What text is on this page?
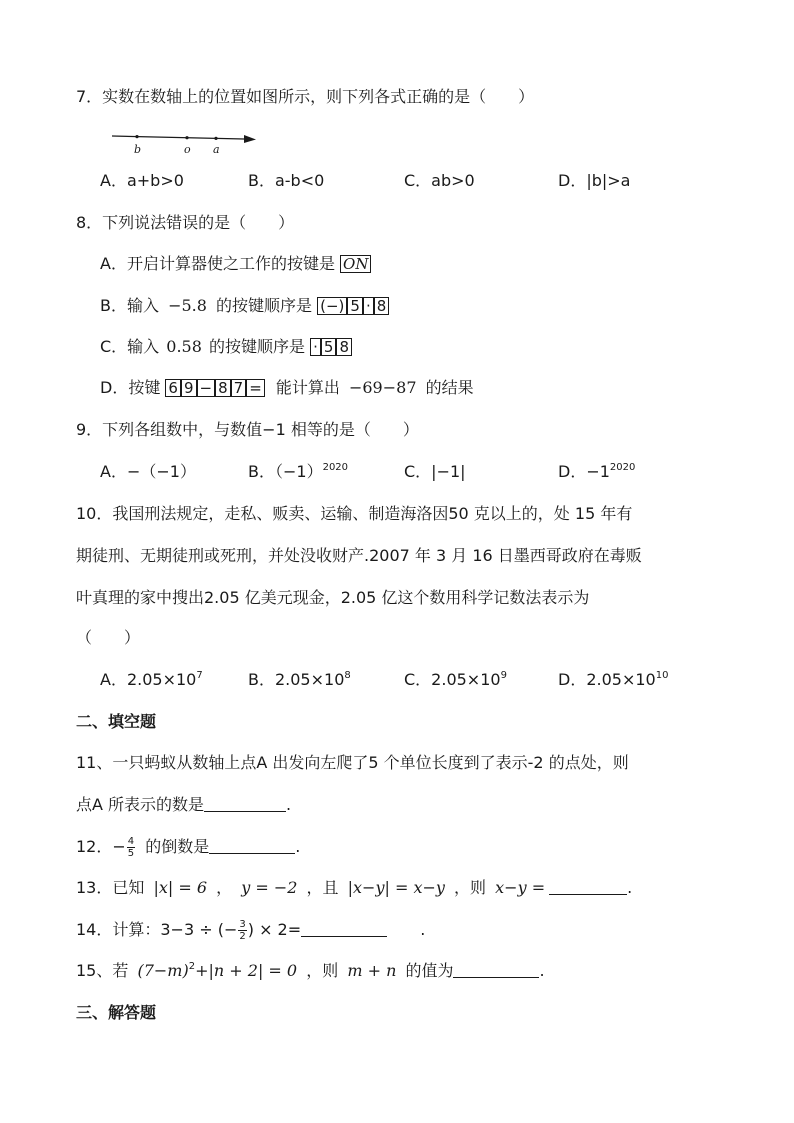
7．实数在数轴上的位置如图所示，则下列各式正确的是（　　）
b	o a
A．a+b>0	B．a-b<0	C．ab>0	D．|b|>a
8．下列说法错误的是（　　）
A．开启计算器使之工作的按键是 ON
B．输入 −5.8 的按键顺序是 (−) 5 · 8
C．输入 0.58 的按键顺序是 · 5 8
D．按键 6 9 − 8 7 = 能计算出 −69−87 的结果
9．下列各组数中，与数值−1 相等的是（　　）
A．−（−1）	B．$(-1)^{2020}$	C．|−1|	D．$-1^{2020}$
10．我国刑法规定，走私、贩卖、运输、制造海洛因50 克以上的，处 15 年有
期徒刑、无期徒刑或死刑，并处没收财产.2007 年 3 月 16 日墨西哥政府在毒贩
叶真理的家中搜出2.05 亿美元现金，2.05 亿这个数用科学记数法表示为
（　　）
A．$2.05\times 10^7$	B．$2.05\times 10^8$	C．$2.05\times 10^9$	D．$2.05\times 10^{10}$
二、填空题
11、一只蚂蚁从数轴上点A 出发向左爬了5 个单位长度到了表示-2 的点处，则
点A 所表示的数是	.
12．− $\frac{4}{5}$ 的倒数是	.
13．已知 |x| = 6 ， y = −2 ，且 |x−y| = x−y ，则 x−y =	.
14．计算：3−3 ÷ (− $\frac{3}{2}$ ) × 2=	.
15、若 $(7-m)^2+|n + 2| = 0$ ，则 m + n 的值为	.
三、解答题
